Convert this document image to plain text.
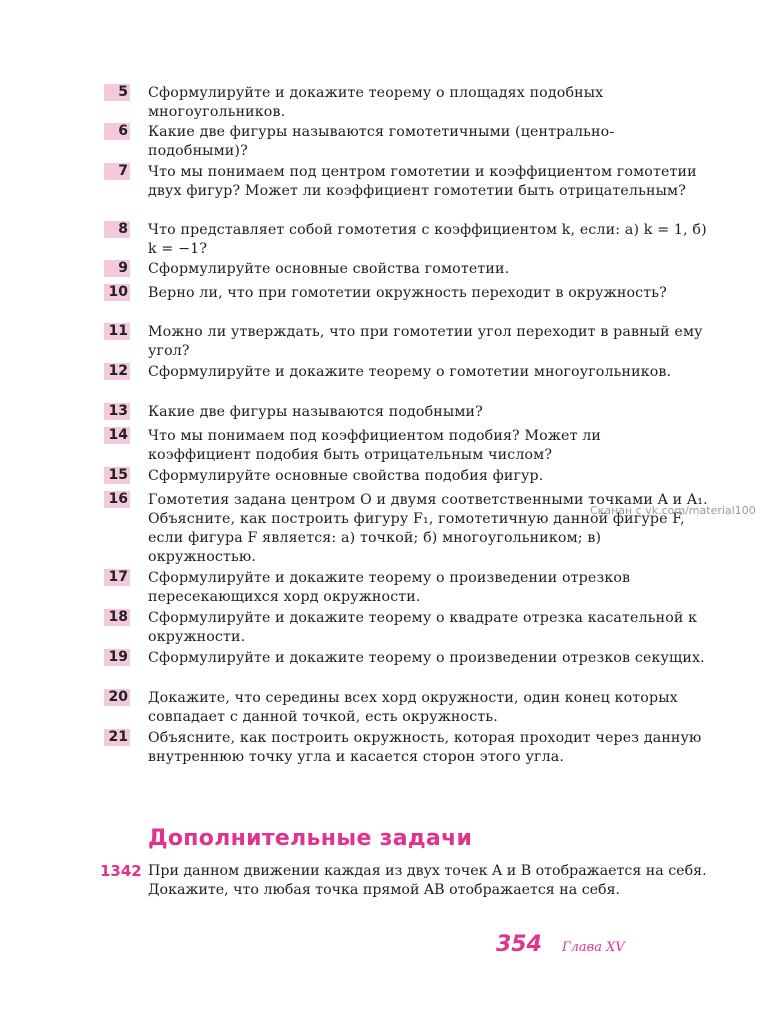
5 Сформулируйте и докажите теорему о площадях подобных многоугольников.
6 Какие две фигуры называются гомотетичными (центрально-подобными)?
7 Что мы понимаем под центром гомотетии и коэффициентом гомотетии двух фигур? Может ли коэффициент гомотетии быть отрицательным?
8 Что представляет собой гомотетия с коэффициентом k, если: а) k = 1, б) k = −1?
9 Сформулируйте основные свойства гомотетии.
10 Верно ли, что при гомотетии окружность переходит в окружность?
11 Можно ли утверждать, что при гомотетии угол переходит в равный ему угол?
12 Сформулируйте и докажите теорему о гомотетии многоугольников.
13 Какие две фигуры называются подобными?
14 Что мы понимаем под коэффициентом подобия? Может ли коэффициент подобия быть отрицательным числом?
15 Сформулируйте основные свойства подобия фигур.
16 Гомотетия задана центром O и двумя соответственными точками A и A₁. Объясните, как построить фигуру F₁, гомотетичную данной фигуре F, если фигура F является: а) точкой; б) многоугольником; в) окружностью.
17 Сформулируйте и докажите теорему о произведении отрезков пересекающихся хорд окружности.
18 Сформулируйте и докажите теорему о квадрате отрезка касательной к окружности.
19 Сформулируйте и докажите теорему о произведении отрезков секущих.
20 Докажите, что середины всех хорд окружности, один конец которых совпадает с данной точкой, есть окружность.
21 Объясните, как построить окружность, которая проходит через данную внутреннюю точку угла и касается сторон этого угла.
Дополнительные задачи
1342 При данном движении каждая из двух точек A и B отображается на себя. Докажите, что любая точка прямой AB отображается на себя.
354 Глава XV
Сканан с vk.com/material100
